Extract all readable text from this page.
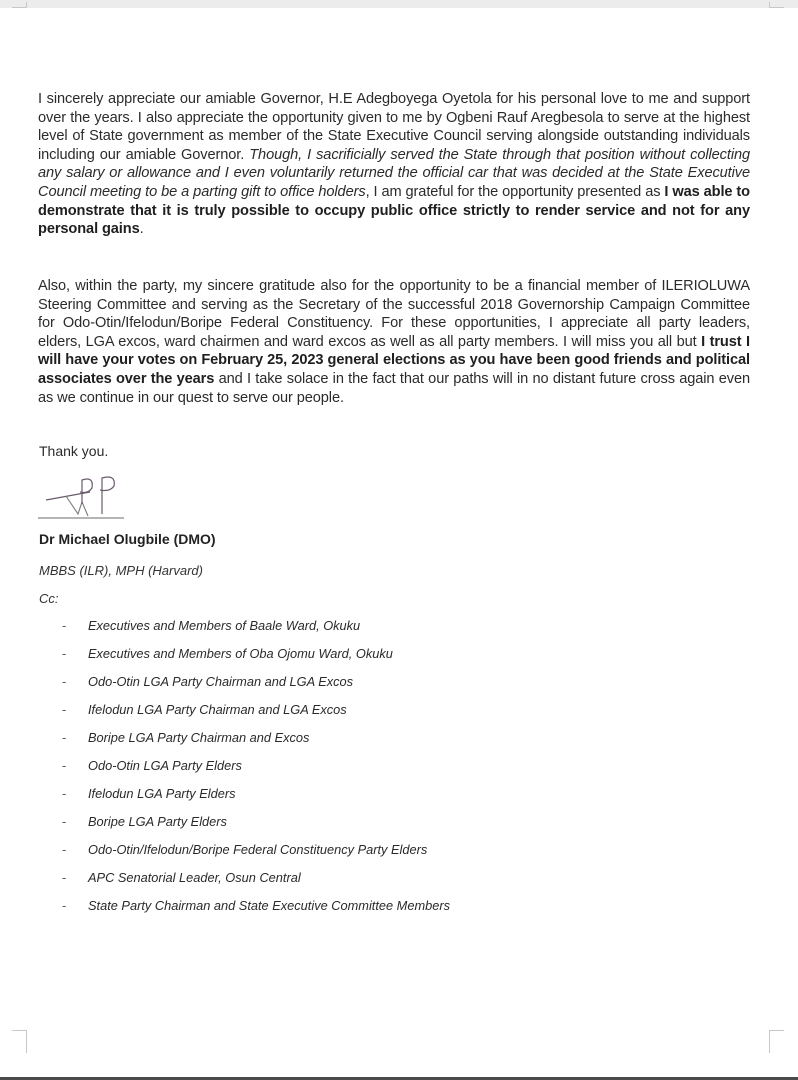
I sincerely appreciate our amiable Governor, H.E Adegboyega Oyetola for his personal love to me and support over the years. I also appreciate the opportunity given to me by Ogbeni Rauf Aregbesola to serve at the highest level of State government as member of the State Executive Council serving alongside outstanding individuals including our amiable Governor. Though, I sacrificially served the State through that position without collecting any salary or allowance and I even voluntarily returned the official car that was decided at the State Executive Council meeting to be a parting gift to office holders, I am grateful for the opportunity presented as I was able to demonstrate that it is truly possible to occupy public office strictly to render service and not for any personal gains.

Also, within the party, my sincere gratitude also for the opportunity to be a financial member of ILERIOLUWA Steering Committee and serving as the Secretary of the successful 2018 Governorship Campaign Committee for Odo-Otin/Ifelodun/Boripe Federal Constituency. For these opportunities, I appreciate all party leaders, elders, LGA excos, ward chairmen and ward excos as well as all party members. I will miss you all but I trust I will have your votes on February 25, 2023 general elections as you have been good friends and political associates over the years and I take solace in the fact that our paths will in no distant future cross again even as we continue in our quest to serve our people.

Thank you.
Dr Michael Olugbile (DMO)
MBBS (ILR), MPH (Harvard)
Cc:
- Executives and Members of Baale Ward, Okuku
- Executives and Members of Oba Ojomu Ward, Okuku
- Odo-Otin LGA Party Chairman and LGA Excos
- Ifelodun LGA Party Chairman and LGA Excos
- Boripe LGA Party Chairman and Excos
- Odo-Otin LGA Party Elders
- Ifelodun LGA Party Elders
- Boripe LGA Party Elders
- Odo-Otin/Ifelodun/Boripe Federal Constituency Party Elders
- APC Senatorial Leader, Osun Central
- State Party Chairman and State Executive Committee Members
